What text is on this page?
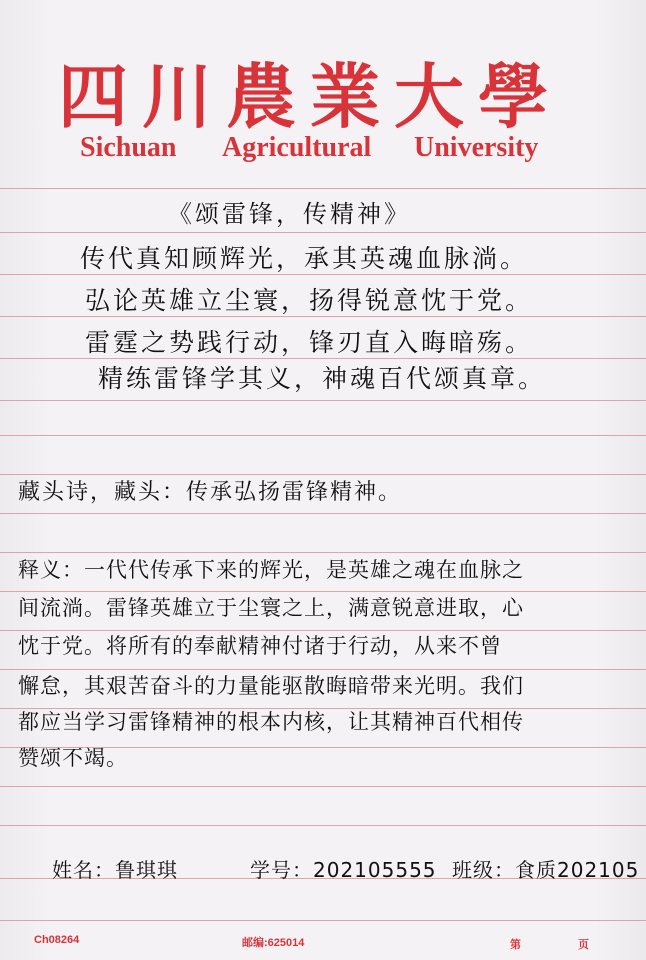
四川農業大學
Sichuan Agricultural University
《颂雷锋，传精神》
传代真知顾辉光，承其英魂血脉淌。
弘论英雄立尘寰，扬得锐意忱于党。
雷霆之势践行动，锋刃直入晦暗殇。
精练雷锋学其义，神魂百代颂真章。
藏头诗，藏头：传承弘扬雷锋精神。
释义：一代代传承下来的辉光，是英雄之魂在血脉之
间流淌。雷锋英雄立于尘寰之上，满意锐意进取，心
忱于党。将所有的奉献精神付诸于行动，从来不曾
懈怠，其艰苦奋斗的力量能驱散晦暗带来光明。我们
都应当学习雷锋精神的根本内核，让其精神百代相传
赞颂不竭。
姓名：鲁琪琪	学号：202105555 班级：食质202105
Ch08264	邮编:625014	第	页
